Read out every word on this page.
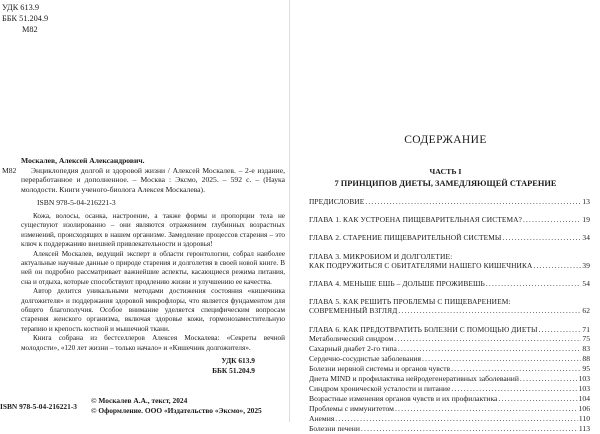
УДК 613.9
ББК 51.204.9
М82
Москалев, Алексей Александрович.
М82	Энциклопедия долгой и здоровой жизни / Алексей Москалев. – 2-е издание, переработанное и дополненное. – Москва : Эксмо, 2025. – 592 с. – (Наука молодости. Книги ученого-биолога Алексея Москалева).
ISBN 978-5-04-216221-3

Кожа, волосы, осанка, настроение, а также формы и пропорции тела не существуют изолированно – они являются отражением глубинных возрастных изменений, происходящих в нашем организме. Замедление процессов старения – это ключ к поддержанию внешней привлекательности и здоровья!

Алексей Москалев, ведущий эксперт в области геронтологии, собрал наиболее актуальные научные данные о природе старения и долголетия в своей новой книге. В ней он подробно рассматривает важнейшие аспекты, касающиеся режима питания, сна и отдыха, которые способствуют продлению жизни и улучшению ее качества.

Автор делится уникальными методами достижения состояния «кишечника долгожителя» и поддержания здоровой микрофлоры, что является фундаментом для общего благополучия. Особое внимание уделяется специфическим вопросам старения женского организма, включая здоровье кожи, гормонозаместительную терапию и крепость костной и мышечной ткани.

Книга собрана из бестселлеров Алексея Москалева: «Секреты вечной молодости», «120 лет жизни – только начало» и «Кишечник долгожителя».

УДК 613.9
ББК 51.204.9
ISBN 978-5-04-216221-3
© Москалев А.А., текст, 2024
© Оформление. ООО «Издательство «Эксмо», 2025
СОДЕРЖАНИЕ
ЧАСТЬ I
7 ПРИНЦИПОВ ДИЕТЫ, ЗАМЕДЛЯЮЩЕЙ СТАРЕНИЕ
ПРЕДИСЛОВИЕ .....	13
ГЛАВА 1. КАК УСТРОЕНА ПИЩЕВАРИТЕЛЬНАЯ СИСТЕМА? .....	19
ГЛАВА 2. СТАРЕНИЕ ПИЩЕВАРИТЕЛЬНОЙ СИСТЕМЫ .....	34
ГЛАВА 3. МИКРОБИОМ И ДОЛГОЛЕТИЕ:
КАК ПОДРУЖИТЬСЯ С ОБИТАТЕЛЯМИ НАШЕГО КИШЕЧНИКА .....	39
ГЛАВА 4. МЕНЬШЕ ЕШЬ – ДОЛЬШЕ ПРОЖИВЕШЬ .....	54
ГЛАВА 5. КАК РЕШИТЬ ПРОБЛЕМЫ С ПИЩЕВАРЕНИЕМ:
СОВРЕМЕННЫЙ ВЗГЛЯД .....	62
ГЛАВА 6. КАК ПРЕДОТВРАТИТЬ БОЛЕЗНИ С ПОМОЩЬЮ ДИЕТЫ .....	71
Метаболический синдром .....	75
Сахарный диабет 2-го типа .....	83
Сердечно-сосудистые заболевания .....	88
Болезни нервной системы и органов чувств .....	95
Диета MIND и профилактика нейродегенеративных заболеваний .....	103
Синдром хронической усталости и питание .....	103
Возрастные изменения органов чувств и их профилактика .....	104
Проблемы с иммунитетом .....	106
Анемия .....	110
Болезни печени .....	113
